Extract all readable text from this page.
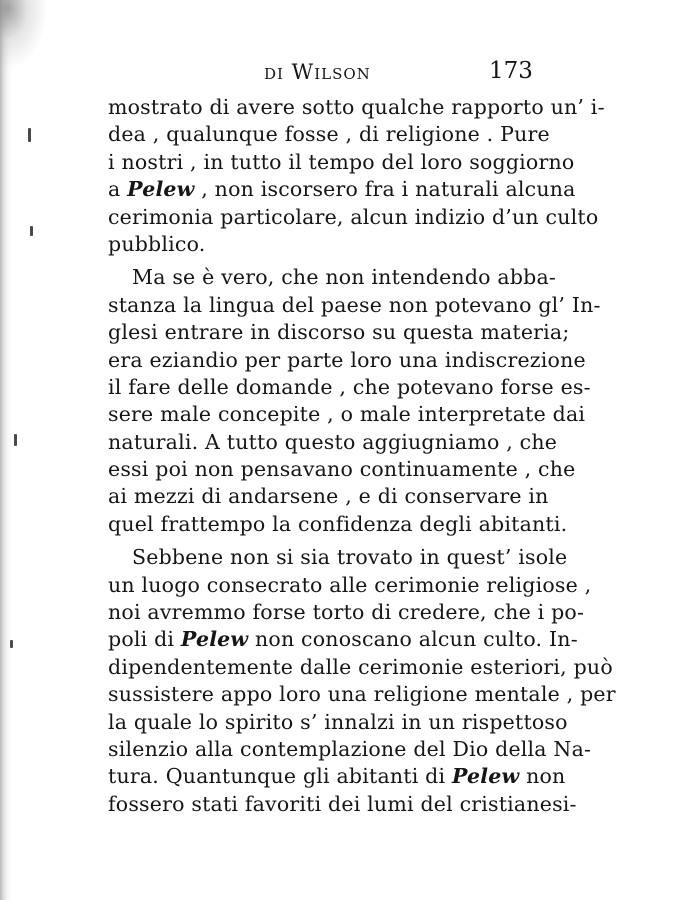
di Wilson	173
mostrato di avere sotto qualche rapporto un’ i-
dea , qualunque fosse , di religione . Pure
i nostri , in tutto il tempo del loro soggiorno
a Pelew , non iscorsero fra i naturali alcuna
cerimonia particolare, alcun indizio d’un culto
pubblico.
Ma se è vero, che non intendendo abba-
stanza la lingua del paese non potevano gl’ In-
glesi entrare in discorso su questa materia;
era eziandio per parte loro una indiscrezione
il fare delle domande , che potevano forse es-
sere male concepite , o male interpretate dai
naturali. A tutto questo aggiugniamo , che
essi poi non pensavano continuamente , che
ai mezzi di andarsene , e di conservare in
quel frattempo la confidenza degli abitanti.
Sebbene non si sia trovato in quest’ isole
un luogo consecrato alle cerimonie religiose ,
noi avremmo forse torto di credere, che i po-
poli di Pelew non conoscano alcun culto. In-
dipendentemente dalle cerimonie esteriori, può
sussistere appo loro una religione mentale , per
la quale lo spirito s’ innalzi in un rispettoso
silenzio alla contemplazione del Dio della Na-
tura. Quantunque gli abitanti di Pelew non
fossero stati favoriti dei lumi del cristianesi-
